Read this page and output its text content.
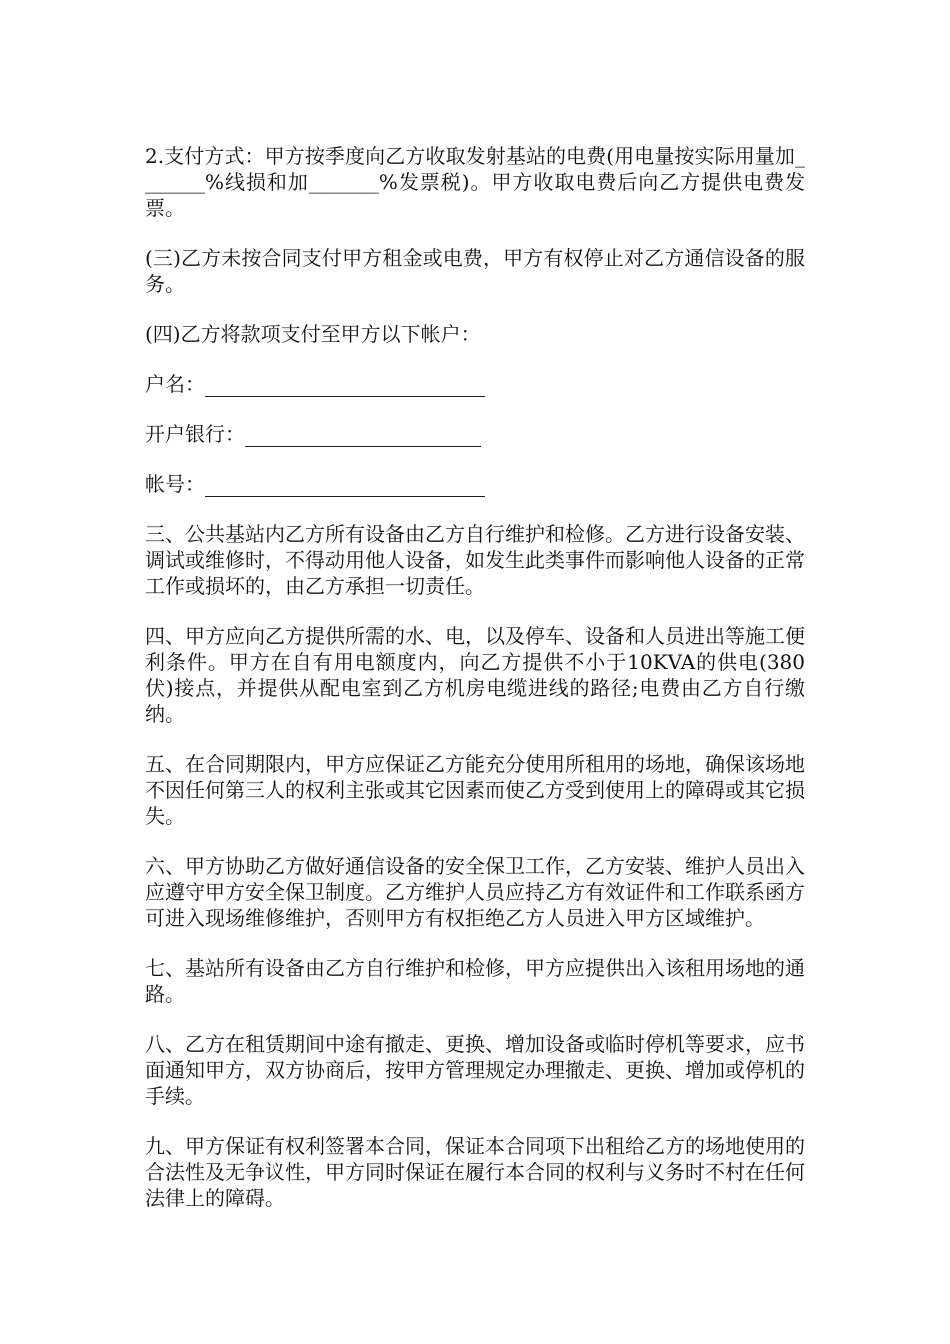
2.支付方式：甲方按季度向乙方收取发射基站的电费(用电量按实际用量加_______%线损和加_______%发票税)。甲方收取电费后向乙方提供电费发票。

(三)乙方未按合同支付甲方租金或电费，甲方有权停止对乙方通信设备的服务。

(四)乙方将款项支付至甲方以下帐户：

户名：
开户银行：
帐号：

三、公共基站内乙方所有设备由乙方自行维护和检修。乙方进行设备安装、调试或维修时，不得动用他人设备，如发生此类事件而影响他人设备的正常工作或损坏的，由乙方承担一切责任。

四、甲方应向乙方提供所需的水、电，以及停车、设备和人员进出等施工便利条件。甲方在自有用电额度内，向乙方提供不小于10KVA的供电(380伏)接点，并提供从配电室到乙方机房电缆进线的路径;电费由乙方自行缴纳。

五、在合同期限内，甲方应保证乙方能充分使用所租用的场地，确保该场地不因任何第三人的权利主张或其它因素而使乙方受到使用上的障碍或其它损失。

六、甲方协助乙方做好通信设备的安全保卫工作，乙方安装、维护人员出入应遵守甲方安全保卫制度。乙方维护人员应持乙方有效证件和工作联系函方可进入现场维修维护，否则甲方有权拒绝乙方人员进入甲方区域维护。

七、基站所有设备由乙方自行维护和检修，甲方应提供出入该租用场地的通路。

八、乙方在租赁期间中途有撤走、更换、增加设备或临时停机等要求，应书面通知甲方，双方协商后，按甲方管理规定办理撤走、更换、增加或停机的手续。

九、甲方保证有权利签署本合同，保证本合同项下出租给乙方的场地使用的合法性及无争议性，甲方同时保证在履行本合同的权利与义务时不村在任何法律上的障碍。
